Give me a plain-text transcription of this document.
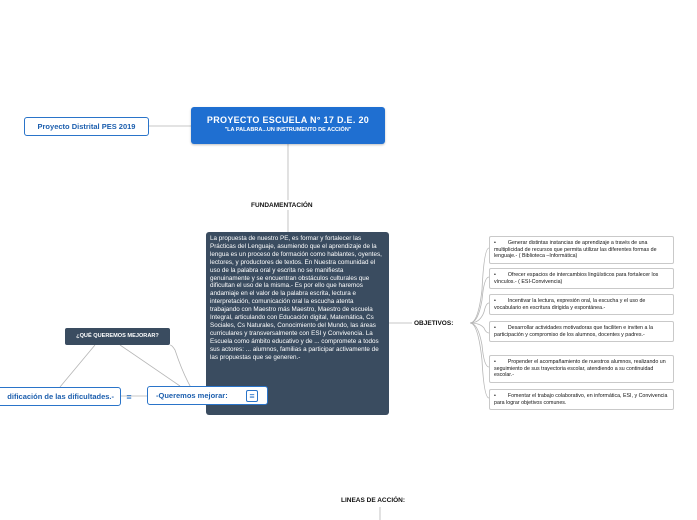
PROYECTO ESCUELA N° 17 D.E. 20
"LA PALABRA...UN INSTRUMENTO DE ACCIÓN"
Proyecto Distrital PES 2019
FUNDAMENTACIÓN
La propuesta de nuestro PE, es formar y fortalecer las Prácticas del Lenguaje, asumiendo que el aprendizaje de la lengua es un proceso de formación como hablantes, oyentes, lectores, y productores de textos. En Nuestra comunidad el uso de la palabra oral y escrita no se manifiesta genuinamente y se encuentran obstáculos culturales que dificultan el uso de la misma.- Es por ello que haremos andamiaje en el valor de la palabra escrita, lectura e interpretación, comunicación oral la escucha atenta trabajando con Maestro más Maestro, Maestro de escuela Integral, articulando con Educación digital, Matemática, Cs Sociales, Cs Naturales, Conocimiento del Mundo, las áreas curriculares y transversalmente con ESI y Convivencia. La Escuela como ámbito educativo y de ... compromete a todos sus actores: ... alumnos, familias a participar activamente de las propuestas que se generen.-
OBJETIVOS:
• Generar distintas instancias de aprendizaje a través de una multiplicidad de recursos que permita utilizar las diferentes formas de lenguaje.- ( Biblioteca –Informática)
• Ofrecer espacios de intercambios lingüísticos para fortalecer los vínculos.- ( ESI-Convivencia)
• Incentivar la lectura, expresión oral, la escucha y el uso de vocabulario en escritura dirigida y espontánea.-
• Desarrollar actividades motivadoras que faciliten e inviten a la participación y compromiso de los alumnos, docentes y padres.-
• Propender el acompañamiento de nuestros alumnos, realizando un seguimiento de sus trayectoria escolar, atendiendo a su continuidad escolar.-
• Fomentar el trabajo colaborativo, en informática, ESI, y Convivencia para lograr objetivos comunes.
¿QUÉ QUEREMOS MEJORAR?
dificación de las dificultades.-	≡	-Queremos mejorar:	≡
LINEAS DE ACCIÓN:
